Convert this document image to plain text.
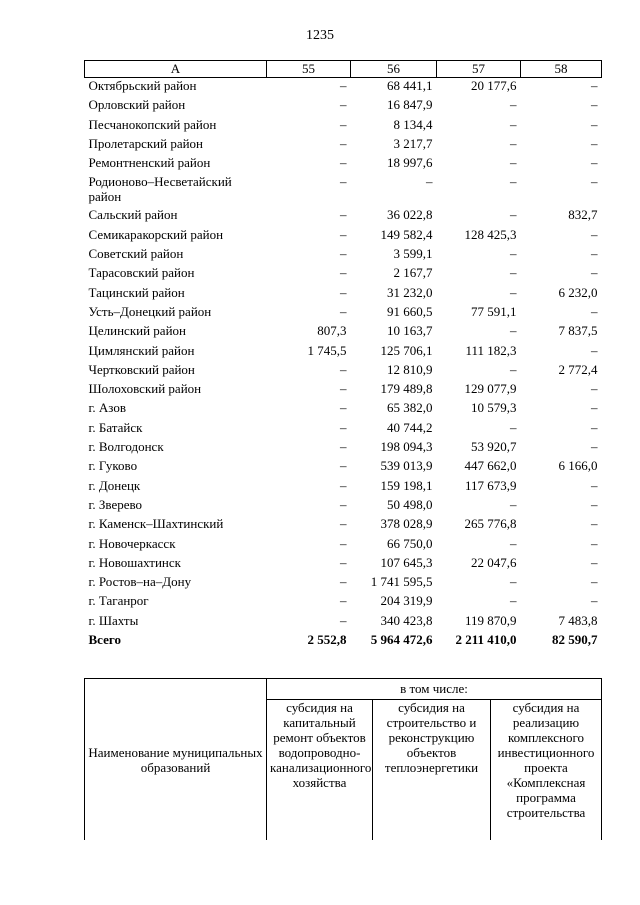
1235
А	55	56	57	58
Октябрьский район	–	68 441,1	20 177,6	–
Орловский район	–	16 847,9	–	–
Песчанокопский район	–	8 134,4	–	–
Пролетарский район	–	3 217,7	–	–
Ремонтненский район	–	18 997,6	–	–
Родионово–Несветайский район	–	–	–	–
Сальский район	–	36 022,8	–	832,7
Семикаракорский район	–	149 582,4	128 425,3	–
Советский район	–	3 599,1	–	–
Тарасовский район	–	2 167,7	–	–
Тацинский район	–	31 232,0	–	6 232,0
Усть–Донецкий район	–	91 660,5	77 591,1	–
Целинский район	807,3	10 163,7	–	7 837,5
Цимлянский район	1 745,5	125 706,1	111 182,3	–
Чертковский район	–	12 810,9	–	2 772,4
Шолоховский район	–	179 489,8	129 077,9	–
г. Азов	–	65 382,0	10 579,3	–
г. Батайск	–	40 744,2	–	–
г. Волгодонск	–	198 094,3	53 920,7	–
г. Гуково	–	539 013,9	447 662,0	6 166,0
г. Донецк	–	159 198,1	117 673,9	–
г. Зверево	–	50 498,0	–	–
г. Каменск–Шахтинский	–	378 028,9	265 776,8	–
г. Новочеркасск	–	66 750,0	–	–
г. Новошахтинск	–	107 645,3	22 047,6	–
г. Ростов–на–Дону	–	1 741 595,5	–	–
г. Таганрог	–	204 319,9	–	–
г. Шахты	–	340 423,8	119 870,9	7 483,8
Всего	2 552,8	5 964 472,6	2 211 410,0	82 590,7
Наименование муниципальных образований	в том числе:		
	субсидия на капитальный ремонт объектов водопроводно-канализационного хозяйства	субсидия на строительство и реконструкцию объектов теплоэнергетики	субсидия на реализацию комплексного инвестиционного проекта «Комплексная программа строительства
